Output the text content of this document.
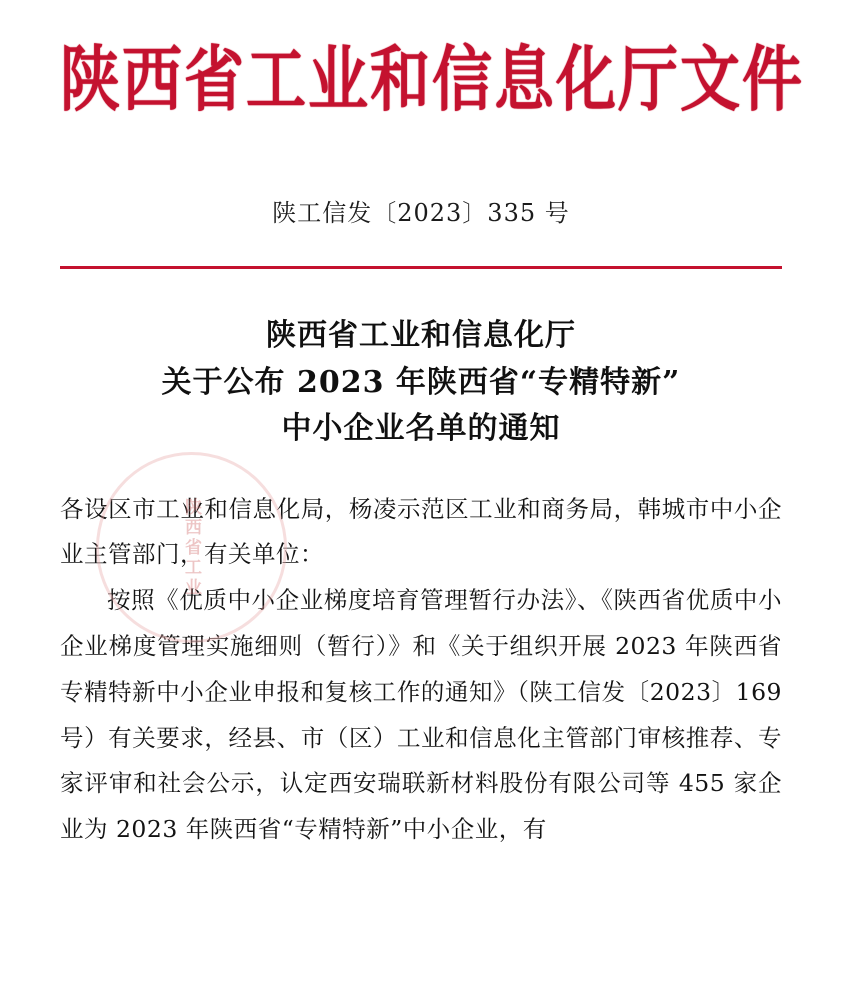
陕西省工业和信息化厅文件
陕工信发〔2023〕335 号
陕西省工业和信息化厅
关于公布 2023 年陕西省“专精特新”
中小企业名单的通知
陕西省工业

各设区市工业和信息化局，杨凌示范区工业和商务局，韩城市中小企业主管部门，有关单位：

按照《优质中小企业梯度培育管理暂行办法》、《陕西省优质中小企业梯度管理实施细则（暂行）》和《关于组织开展 2023 年陕西省专精特新中小企业申报和复核工作的通知》（陕工信发〔2023〕169 号）有关要求，经县、市（区）工业和信息化主管部门审核推荐、专家评审和社会公示，认定西安瑞联新材料股份有限公司等 455 家企业为 2023 年陕西省“专精特新”中小企业，有
